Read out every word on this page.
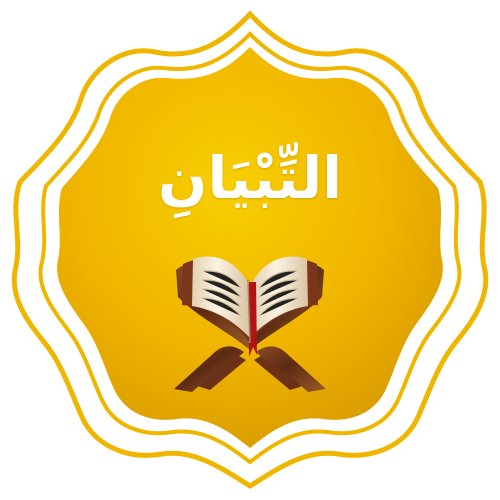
التِّبْيَانِ
